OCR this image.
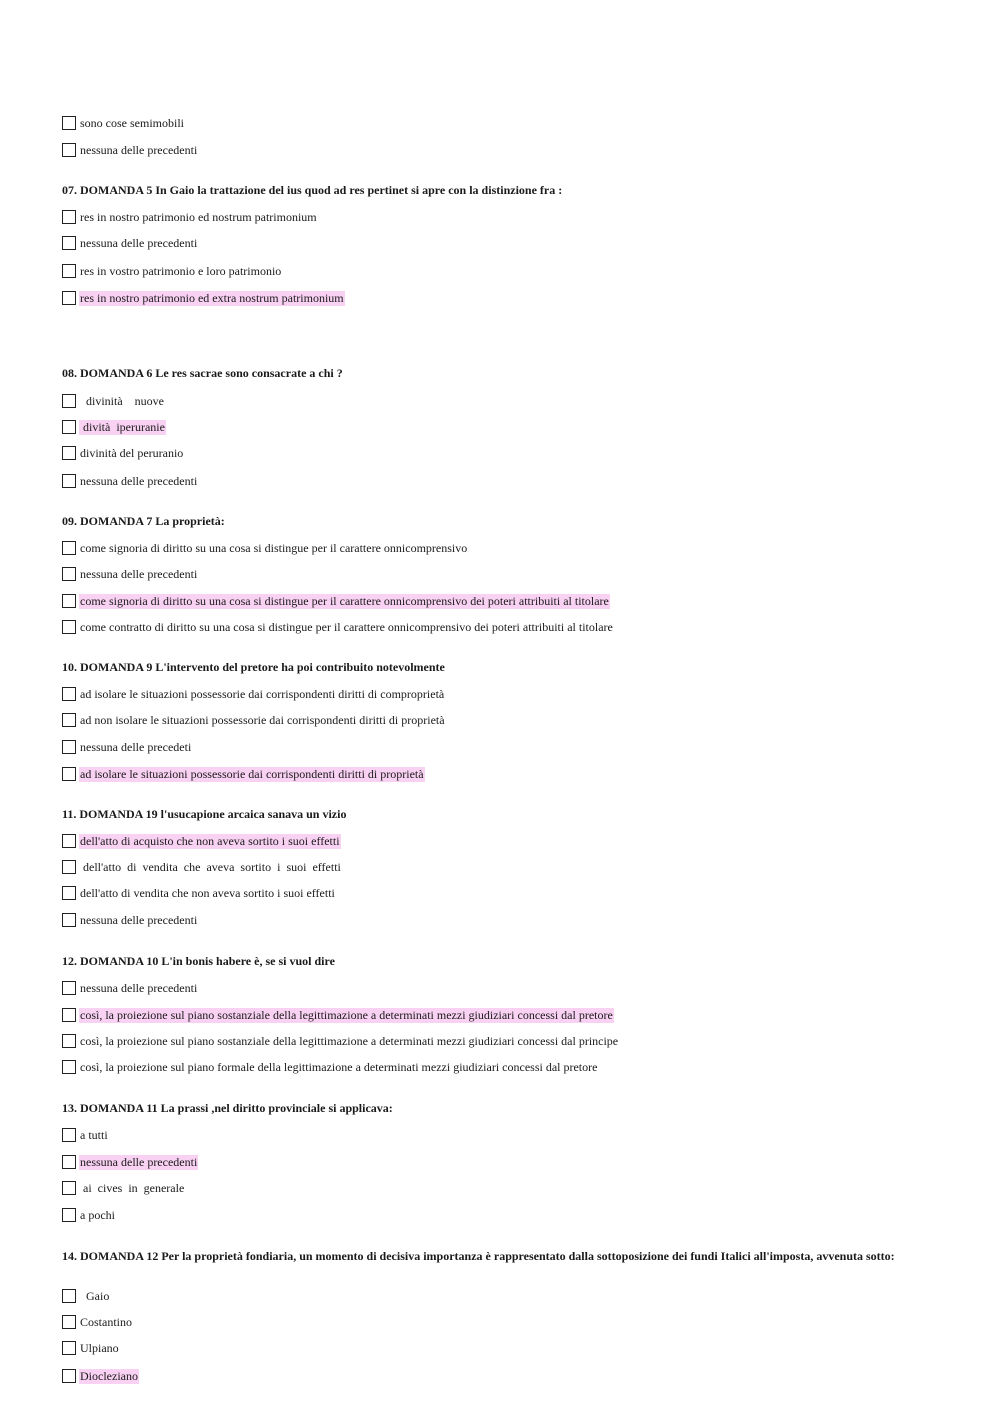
sono cose semimobili
nessuna delle precedenti
07. DOMANDA 5 In Gaio la trattazione del ius quod ad res pertinet si apre con la distinzione fra :
res in nostro patrimonio ed nostrum patrimonium
nessuna delle precedenti
res in vostro patrimonio e loro patrimonio
res in nostro patrimonio ed extra nostrum patrimonium
08. DOMANDA 6 Le res sacrae sono consacrate a chi ?
divinità    nuove
dività  iperuranie
divinità del peruranio
nessuna delle precedenti
09. DOMANDA 7 La proprietà:
come signoria di diritto su una cosa si distingue per il carattere onnicomprensivo
nessuna delle precedenti
come signoria di diritto su una cosa si distingue per il carattere onnicomprensivo dei poteri attribuiti al titolare
come contratto di diritto su una cosa si distingue per il carattere onnicomprensivo dei poteri attribuiti al titolare
10. DOMANDA 9 L'intervento del pretore ha poi contribuito notevolmente
ad isolare le situazioni possessorie dai corrispondenti diritti di comproprietà
ad non isolare le situazioni possessorie dai corrispondenti diritti di proprietà
nessuna delle precedeti
ad isolare le situazioni possessorie dai corrispondenti diritti di proprietà
11. DOMANDA 19 l'usucapione arcaica sanava un vizio
dell'atto di acquisto che non aveva sortito i suoi effetti
dell'atto  di  vendita  che  aveva  sortito  i  suoi  effetti
dell'atto di vendita che non aveva sortito i suoi effetti
nessuna delle precedenti
12. DOMANDA 10 L'in bonis habere è, se si vuol dire
nessuna delle precedenti
così, la proiezione sul piano sostanziale della legittimazione a determinati mezzi giudiziari concessi dal pretore
così, la proiezione sul piano sostanziale della legittimazione a determinati mezzi giudiziari concessi dal principe
così, la proiezione sul piano formale della legittimazione a determinati mezzi giudiziari concessi dal pretore
13. DOMANDA 11 La prassi ,nel diritto provinciale si applicava:
a tutti
nessuna delle precedenti
ai  cives  in  generale
a pochi
14. DOMANDA 12 Per la proprietà fondiaria, un momento di decisiva importanza è rappresentato dalla sottoposizione dei fundi Italici all'imposta, avvenuta sotto:
Gaio
Costantino
Ulpiano
Diocleziano
